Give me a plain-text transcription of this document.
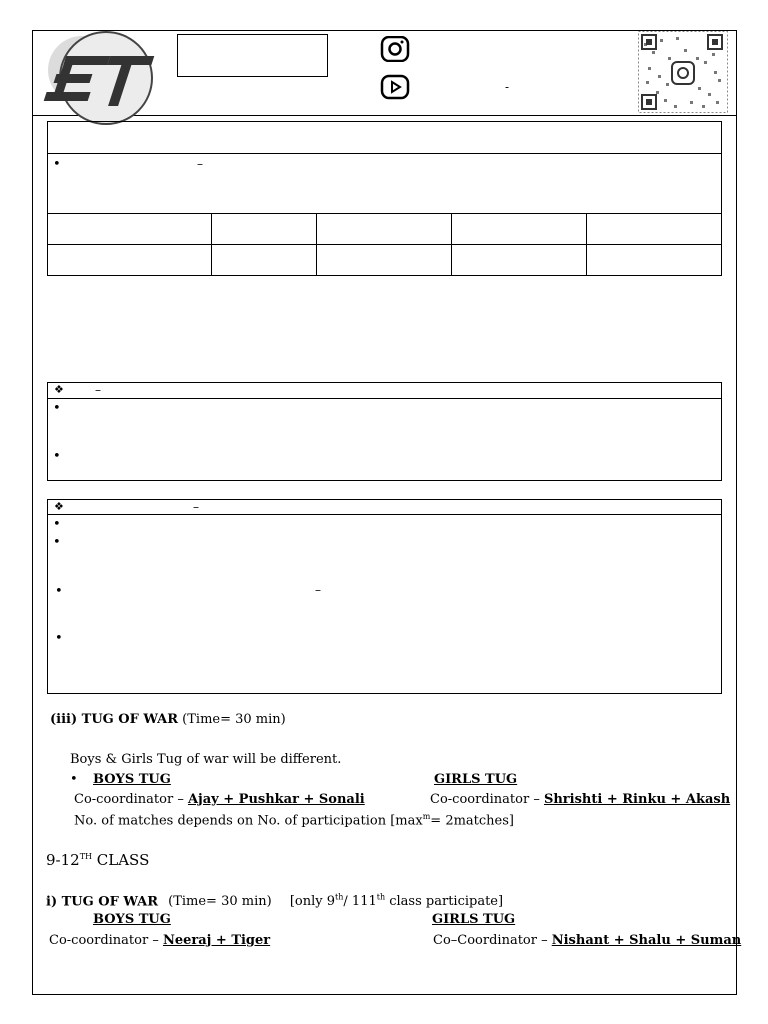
-
•	–
❖	–
•
•
❖	–
•
•
•	–
•
(iii) TUG OF WAR (Time= 30 min)
Boys & Girls Tug of war will be different.
• BOYS TUG	GIRLS TUG
Co-coordinator – Ajay + Pushkar + Sonali	Co-coordinator – Shrishti + Rinku + Akash
No. of matches depends on No. of participation [$\max^m=$ 2matches]
9-12TH CLASS
i) TUG OF WAR (Time= 30 min) [only 9th/ 111th class participate]
BOYS TUG	GIRLS TUG
Co-coordinator – Neeraj + Tiger	Co–Coordinator – Nishant + Shalu + Suman
